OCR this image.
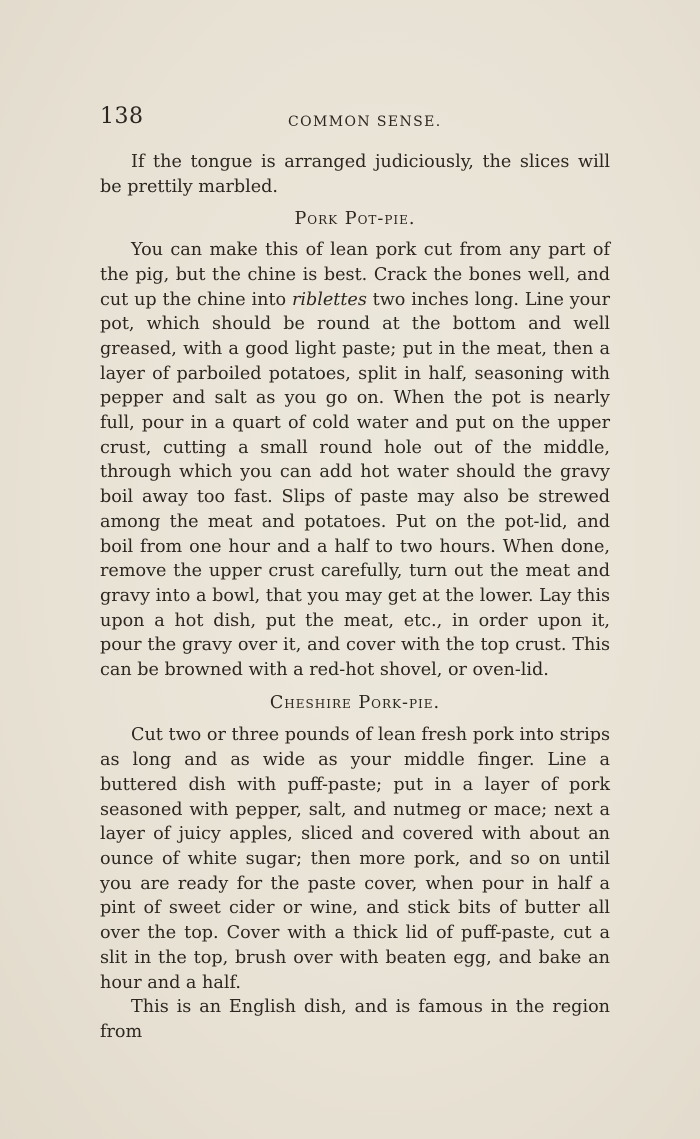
138	COMMON SENSE.

If the tongue is arranged judiciously, the slices will be prettily marbled.

Pork Pot-pie.

You can make this of lean pork cut from any part of the pig, but the chine is best. Crack the bones well, and cut up the chine into riblettes two inches long. Line your pot, which should be round at the bottom and well greased, with a good light paste; put in the meat, then a layer of parboiled potatoes, split in half, seasoning with pepper and salt as you go on. When the pot is nearly full, pour in a quart of cold water and put on the upper crust, cutting a small round hole out of the middle, through which you can add hot water should the gravy boil away too fast. Slips of paste may also be strewed among the meat and potatoes. Put on the pot-lid, and boil from one hour and a half to two hours. When done, remove the upper crust carefully, turn out the meat and gravy into a bowl, that you may get at the lower. Lay this upon a hot dish, put the meat, etc., in order upon it, pour the gravy over it, and cover with the top crust. This can be browned with a red-hot shovel, or oven-lid.

Cheshire Pork-pie.

Cut two or three pounds of lean fresh pork into strips as long and as wide as your middle finger. Line a buttered dish with puff-paste; put in a layer of pork seasoned with pepper, salt, and nutmeg or mace; next a layer of juicy apples, sliced and covered with about an ounce of white sugar; then more pork, and so on until you are ready for the paste cover, when pour in half a pint of sweet cider or wine, and stick bits of butter all over the top. Cover with a thick lid of puff-paste, cut a slit in the top, brush over with beaten egg, and bake an hour and a half.

This is an English dish, and is famous in the region from
